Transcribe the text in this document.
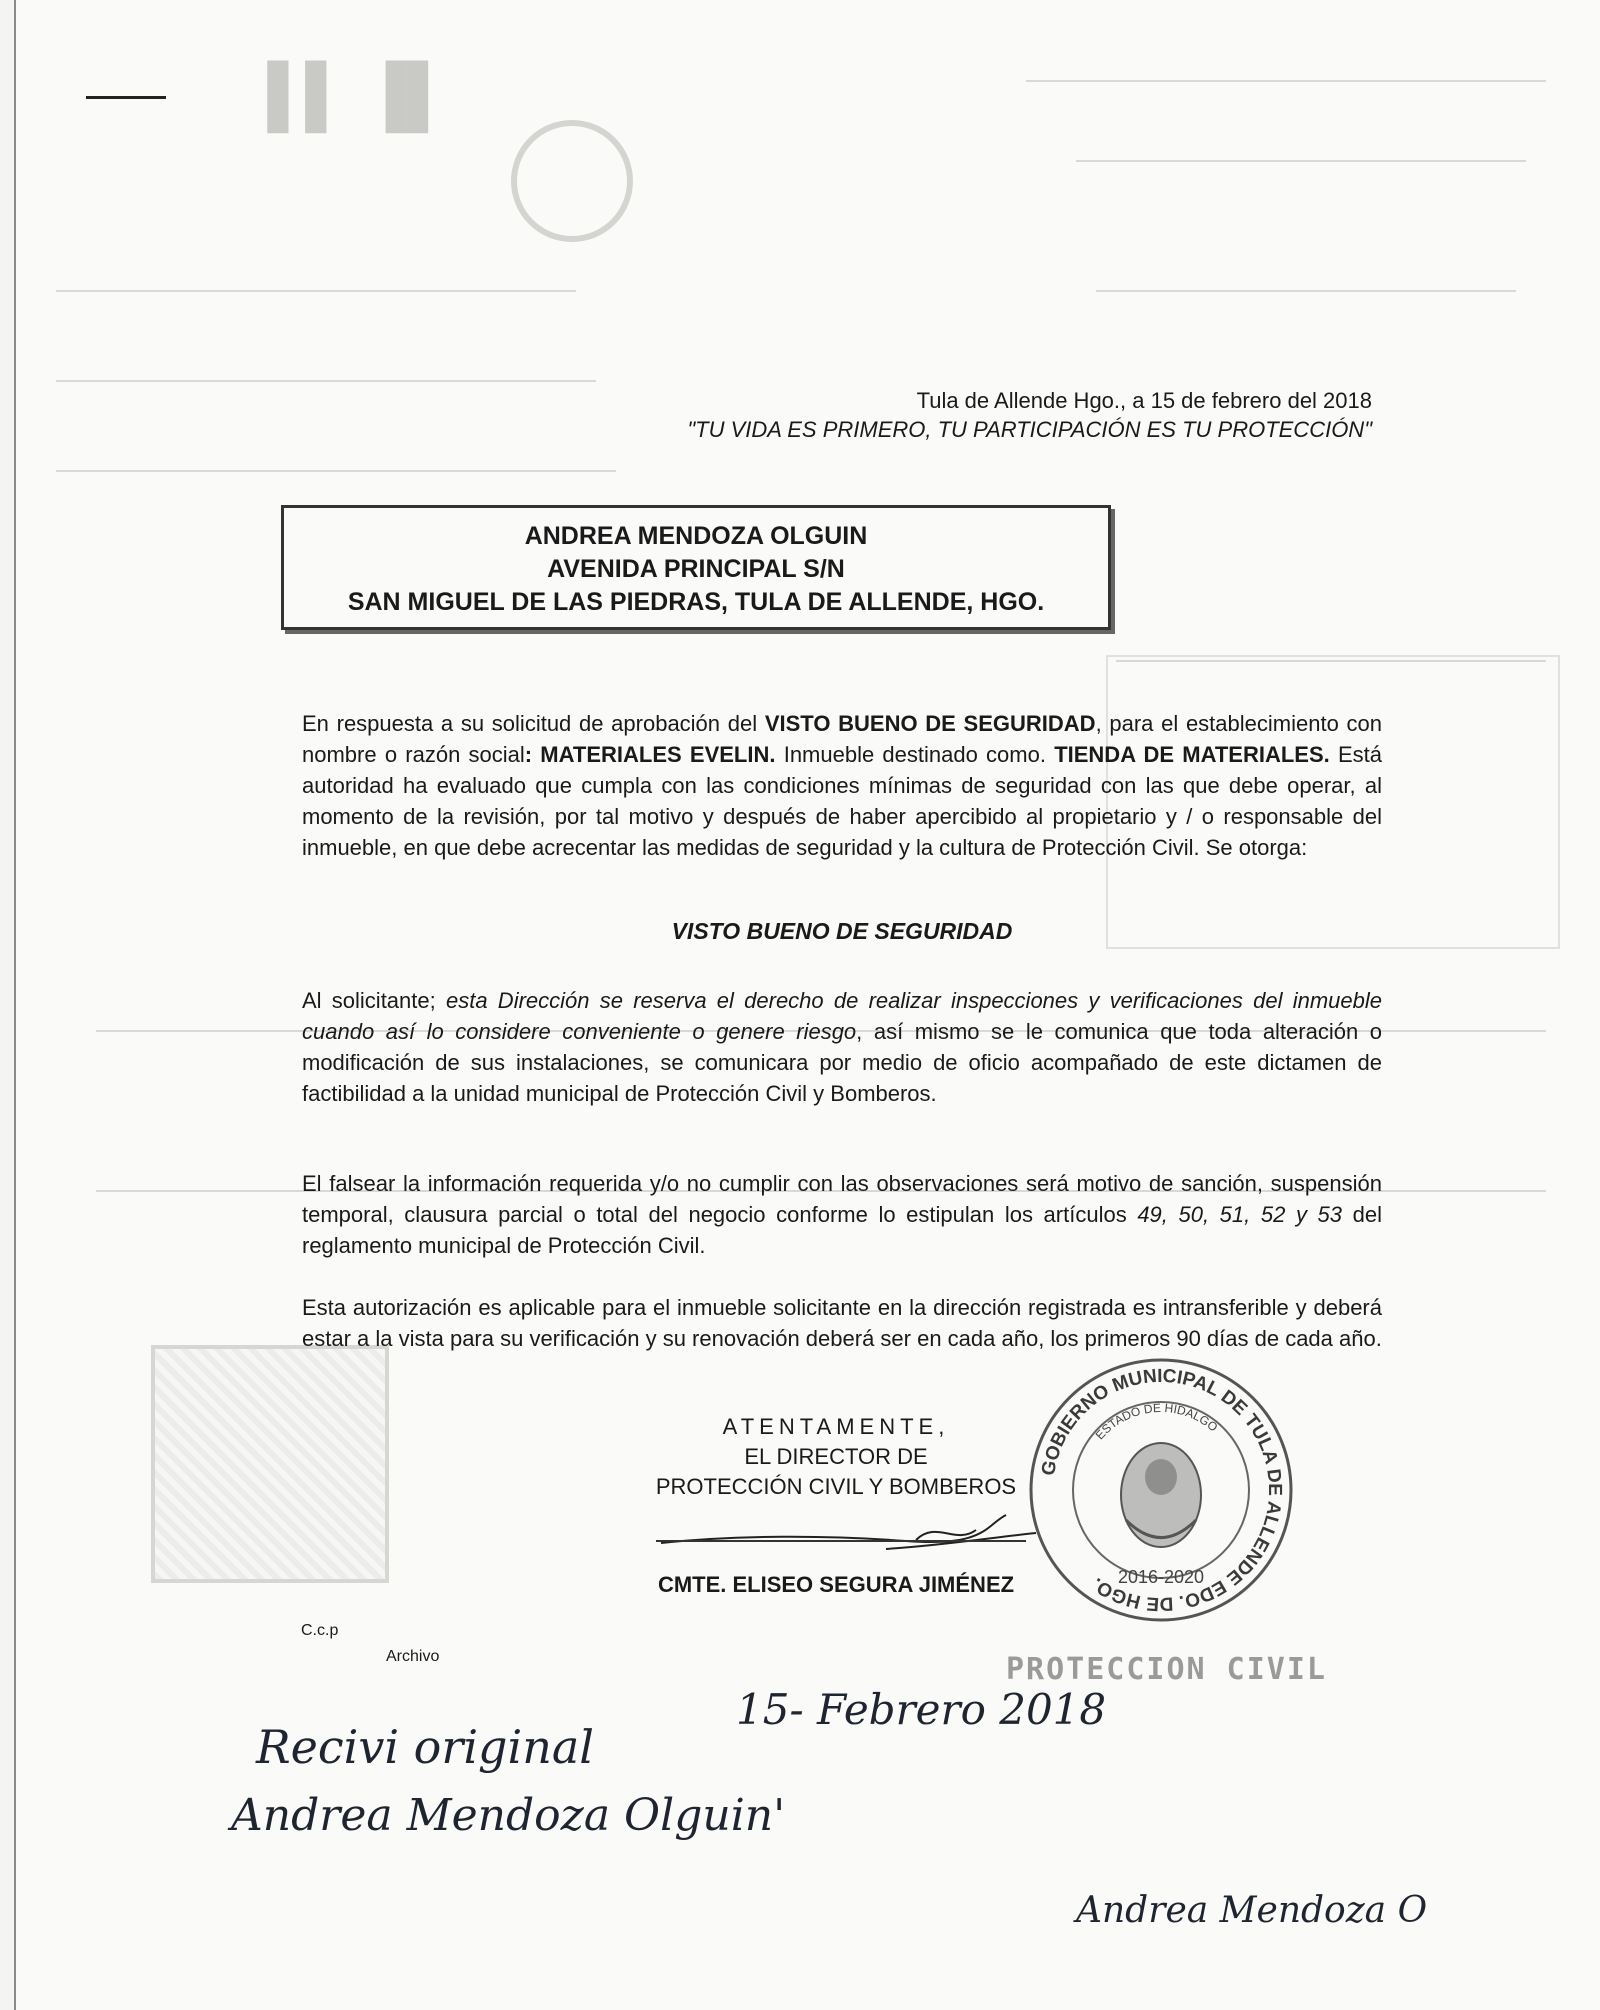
▐ ▌ ▐▌
Tula de Allende Hgo., a 15 de febrero del 2018
"TU VIDA ES PRIMERO, TU PARTICIPACIÓN ES TU PROTECCIÓN"
ANDREA MENDOZA OLGUIN
AVENIDA PRINCIPAL S/N
SAN MIGUEL DE LAS PIEDRAS, TULA DE ALLENDE, HGO.
En respuesta a su solicitud de aprobación del VISTO BUENO DE SEGURIDAD, para el establecimiento con nombre o razón social: MATERIALES EVELIN. Inmueble destinado como. TIENDA DE MATERIALES. Está autoridad ha evaluado que cumpla con las condiciones mínimas de seguridad con las que debe operar, al momento de la revisión, por tal motivo y después de haber apercibido al propietario y / o responsable del inmueble, en que debe acrecentar las medidas de seguridad y la cultura de Protección Civil. Se otorga:
VISTO BUENO DE SEGURIDAD
Al solicitante; esta Dirección se reserva el derecho de realizar inspecciones y verificaciones del inmueble cuando así lo considere conveniente o genere riesgo, así mismo se le comunica que toda alteración o modificación de sus instalaciones, se comunicara por medio de oficio acompañado de este dictamen de factibilidad a la unidad municipal de Protección Civil y Bomberos.
El falsear la información requerida y/o no cumplir con las observaciones será motivo de sanción, suspensión temporal, clausura parcial o total del negocio conforme lo estipulan los artículos 49, 50, 51, 52 y 53 del reglamento municipal de Protección Civil.
Esta autorización es aplicable para el inmueble solicitante en la dirección registrada es intransferible y deberá estar a la vista para su verificación y su renovación deberá ser en cada año, los primeros 90 días de cada año.
ATENTAMENTE,
EL DIRECTOR DE
PROTECCIÓN CIVIL Y BOMBEROS
CMTE. ELISEO SEGURA JIMÉNEZ
C.c.p
Archivo
GOBIERNO MUNICIPAL DE TULA DE ALLENDE EDO. DE HGO.
ESTADO DE HIDALGO
2016-2020
PROTECCION CIVIL
Recivi original
15- Febrero 2018
Andrea Mendoza Olguin'
Andrea Mendoza O
